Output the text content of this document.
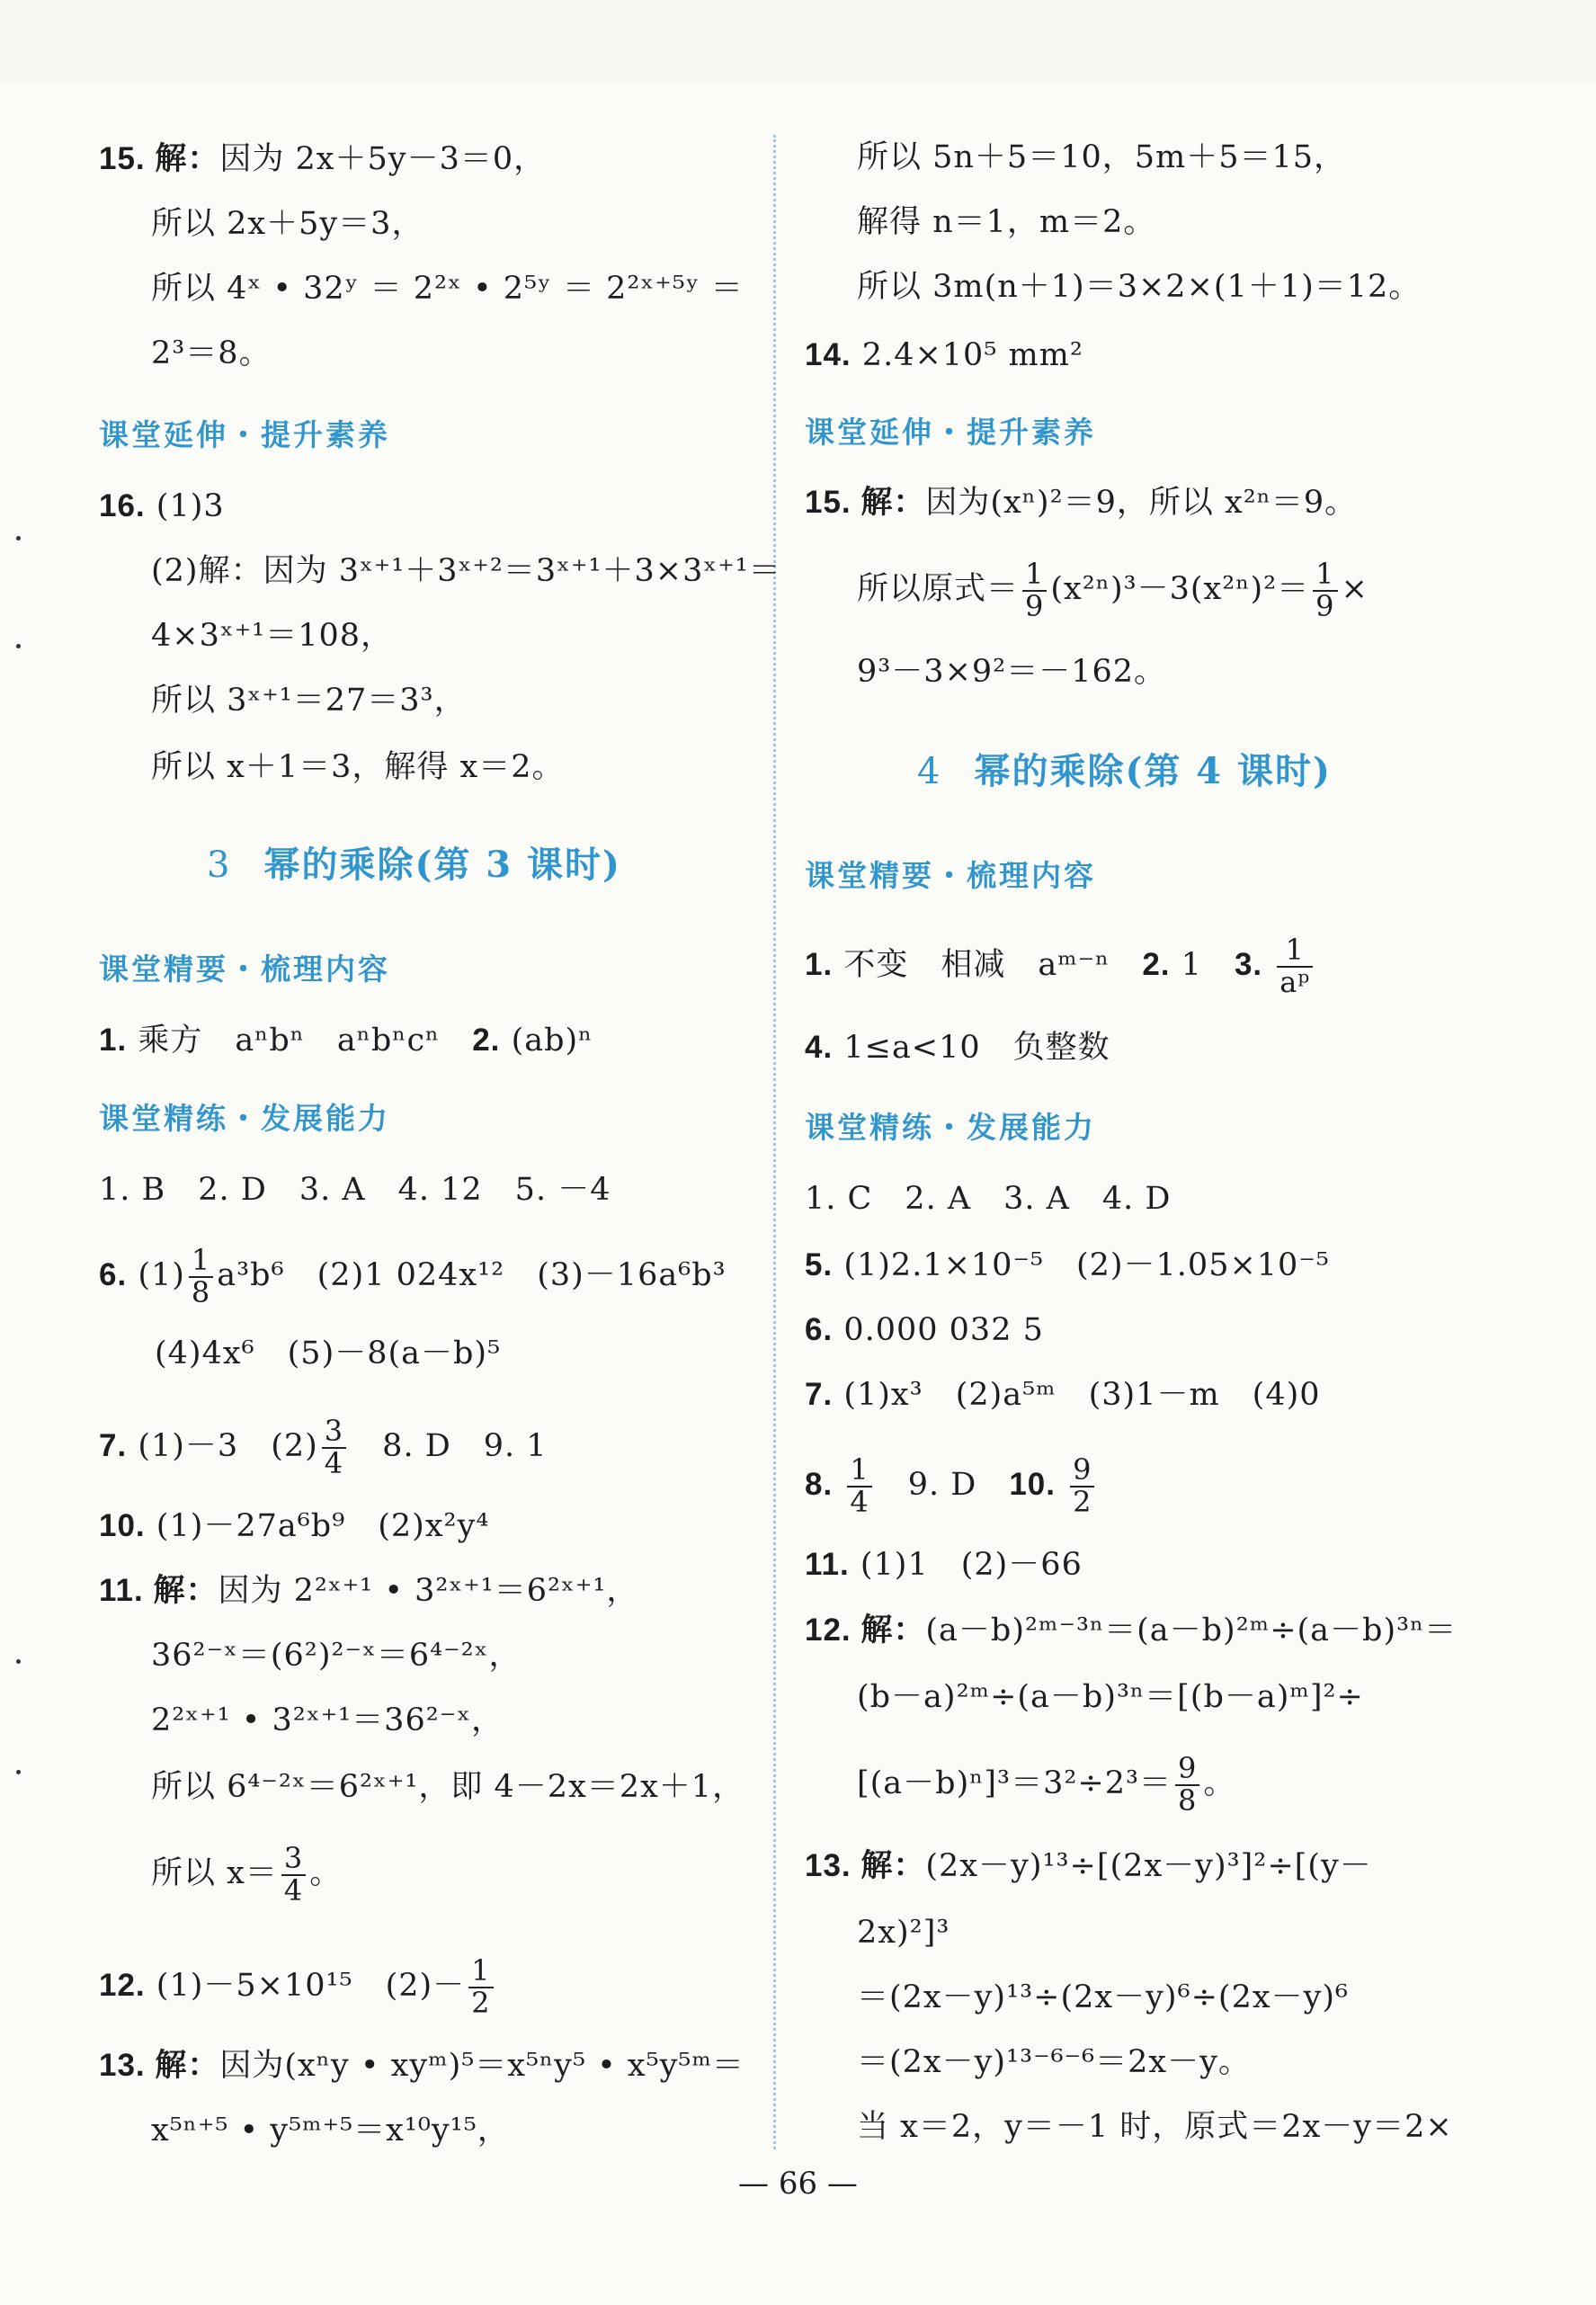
15. 解：因为 2x＋5y－3＝0，
所以 2x＋5y＝3，
所以 4ˣ • 32ʸ ＝ 2²ˣ • 2⁵ʸ ＝ 2²ˣ⁺⁵ʸ ＝
2³＝8。
课堂延伸・提升素养
16. (1)3
(2)解：因为 3ˣ⁺¹＋3ˣ⁺²＝3ˣ⁺¹＋3×3ˣ⁺¹＝
4×3ˣ⁺¹＝108，
所以 3ˣ⁺¹＝27＝3³，
所以 x＋1＝3，解得 x＝2。
3 幂的乘除(第 3 课时)
课堂精要・梳理内容
1. 乘方　aⁿbⁿ　aⁿbⁿcⁿ　 2. (ab)ⁿ
课堂精练・发展能力
1. B　2. D　3. A　4. 12　5. －4
6. $(1) \frac{1}{8} a^3b^6$　 (2)1 024x¹²　 (3)－16a⁶b³
(4)4x⁶　 (5)－8(a－b)⁵
7. (1)－3　 $(2) \frac{3}{4}$
　 8. D　9. 1
10. (1)－27a⁶b⁹　(2)x²y⁴
11. 解：因为 2²ˣ⁺¹ • 3²ˣ⁺¹＝6²ˣ⁺¹，
36²⁻ˣ＝(6²)²⁻ˣ＝6⁴⁻²ˣ，
2²ˣ⁺¹ • 3²ˣ⁺¹＝36²⁻ˣ，
所以 6⁴⁻²ˣ＝6²ˣ⁺¹，即 4－2x＝2x＋1，
所以 $x= \frac{3}{4}$ 。
12. (1)－5×10¹⁵　 $(2)- \frac{1}{2}$
13. 解：因为(xⁿy • xyᵐ)⁵＝x⁵ⁿy⁵ • x⁵y⁵ᵐ＝
x⁵ⁿ⁺⁵ • y⁵ᵐ⁺⁵＝x¹⁰y¹⁵，
所以 5n＋5＝10，5m＋5＝15，
解得 n＝1，m＝2。
所以 3m(n＋1)＝3×2×(1＋1)＝12。
14. 2.4×10⁵ mm²
课堂延伸・提升素养
15. 解：因为(xⁿ)²＝9，所以 x²ⁿ＝9。
所以原式＝ $\frac{1}{9} (x^{2n})^3-3(x^{2n})^2= \frac{1}{9}$ ×
9³－3×9²＝－162。
4 幂的乘除(第 4 课时)
课堂精要・梳理内容
1. 不变　相减　aᵐ⁻ⁿ　 2. 1　 3. $\frac{1}{\text{aᵖ}}$
4. 1≤a<10　负整数
课堂精练・发展能力
1. C　2. A　3. A　4. D
5. (1)2.1×10⁻⁵　(2)－1.05×10⁻⁵
6. 0.000 032 5
7. (1)x³　(2)a⁵ᵐ　(3)1－m　(4)0
8. $\frac{1}{4}$
　 9. D　 10. $\frac{9}{2}$
11. (1)1　(2)－66
12. 解：(a－b)²ᵐ⁻³ⁿ＝(a－b)²ᵐ÷(a－b)³ⁿ＝
(b－a)²ᵐ÷(a－b)³ⁿ＝[(b－a)ᵐ]²÷
$[(a-b)^n]^3=3^2\div 2^3= \frac{9}{8}$ 。
13. 解：(2x－y)¹³÷[(2x－y)³]²÷[(y－
2x)²]³
＝(2x－y)¹³÷(2x－y)⁶÷(2x－y)⁶
＝(2x－y)¹³⁻⁶⁻⁶＝2x－y。
当 x＝2，y＝－1 时，原式＝2x－y＝2×
— 66 —
